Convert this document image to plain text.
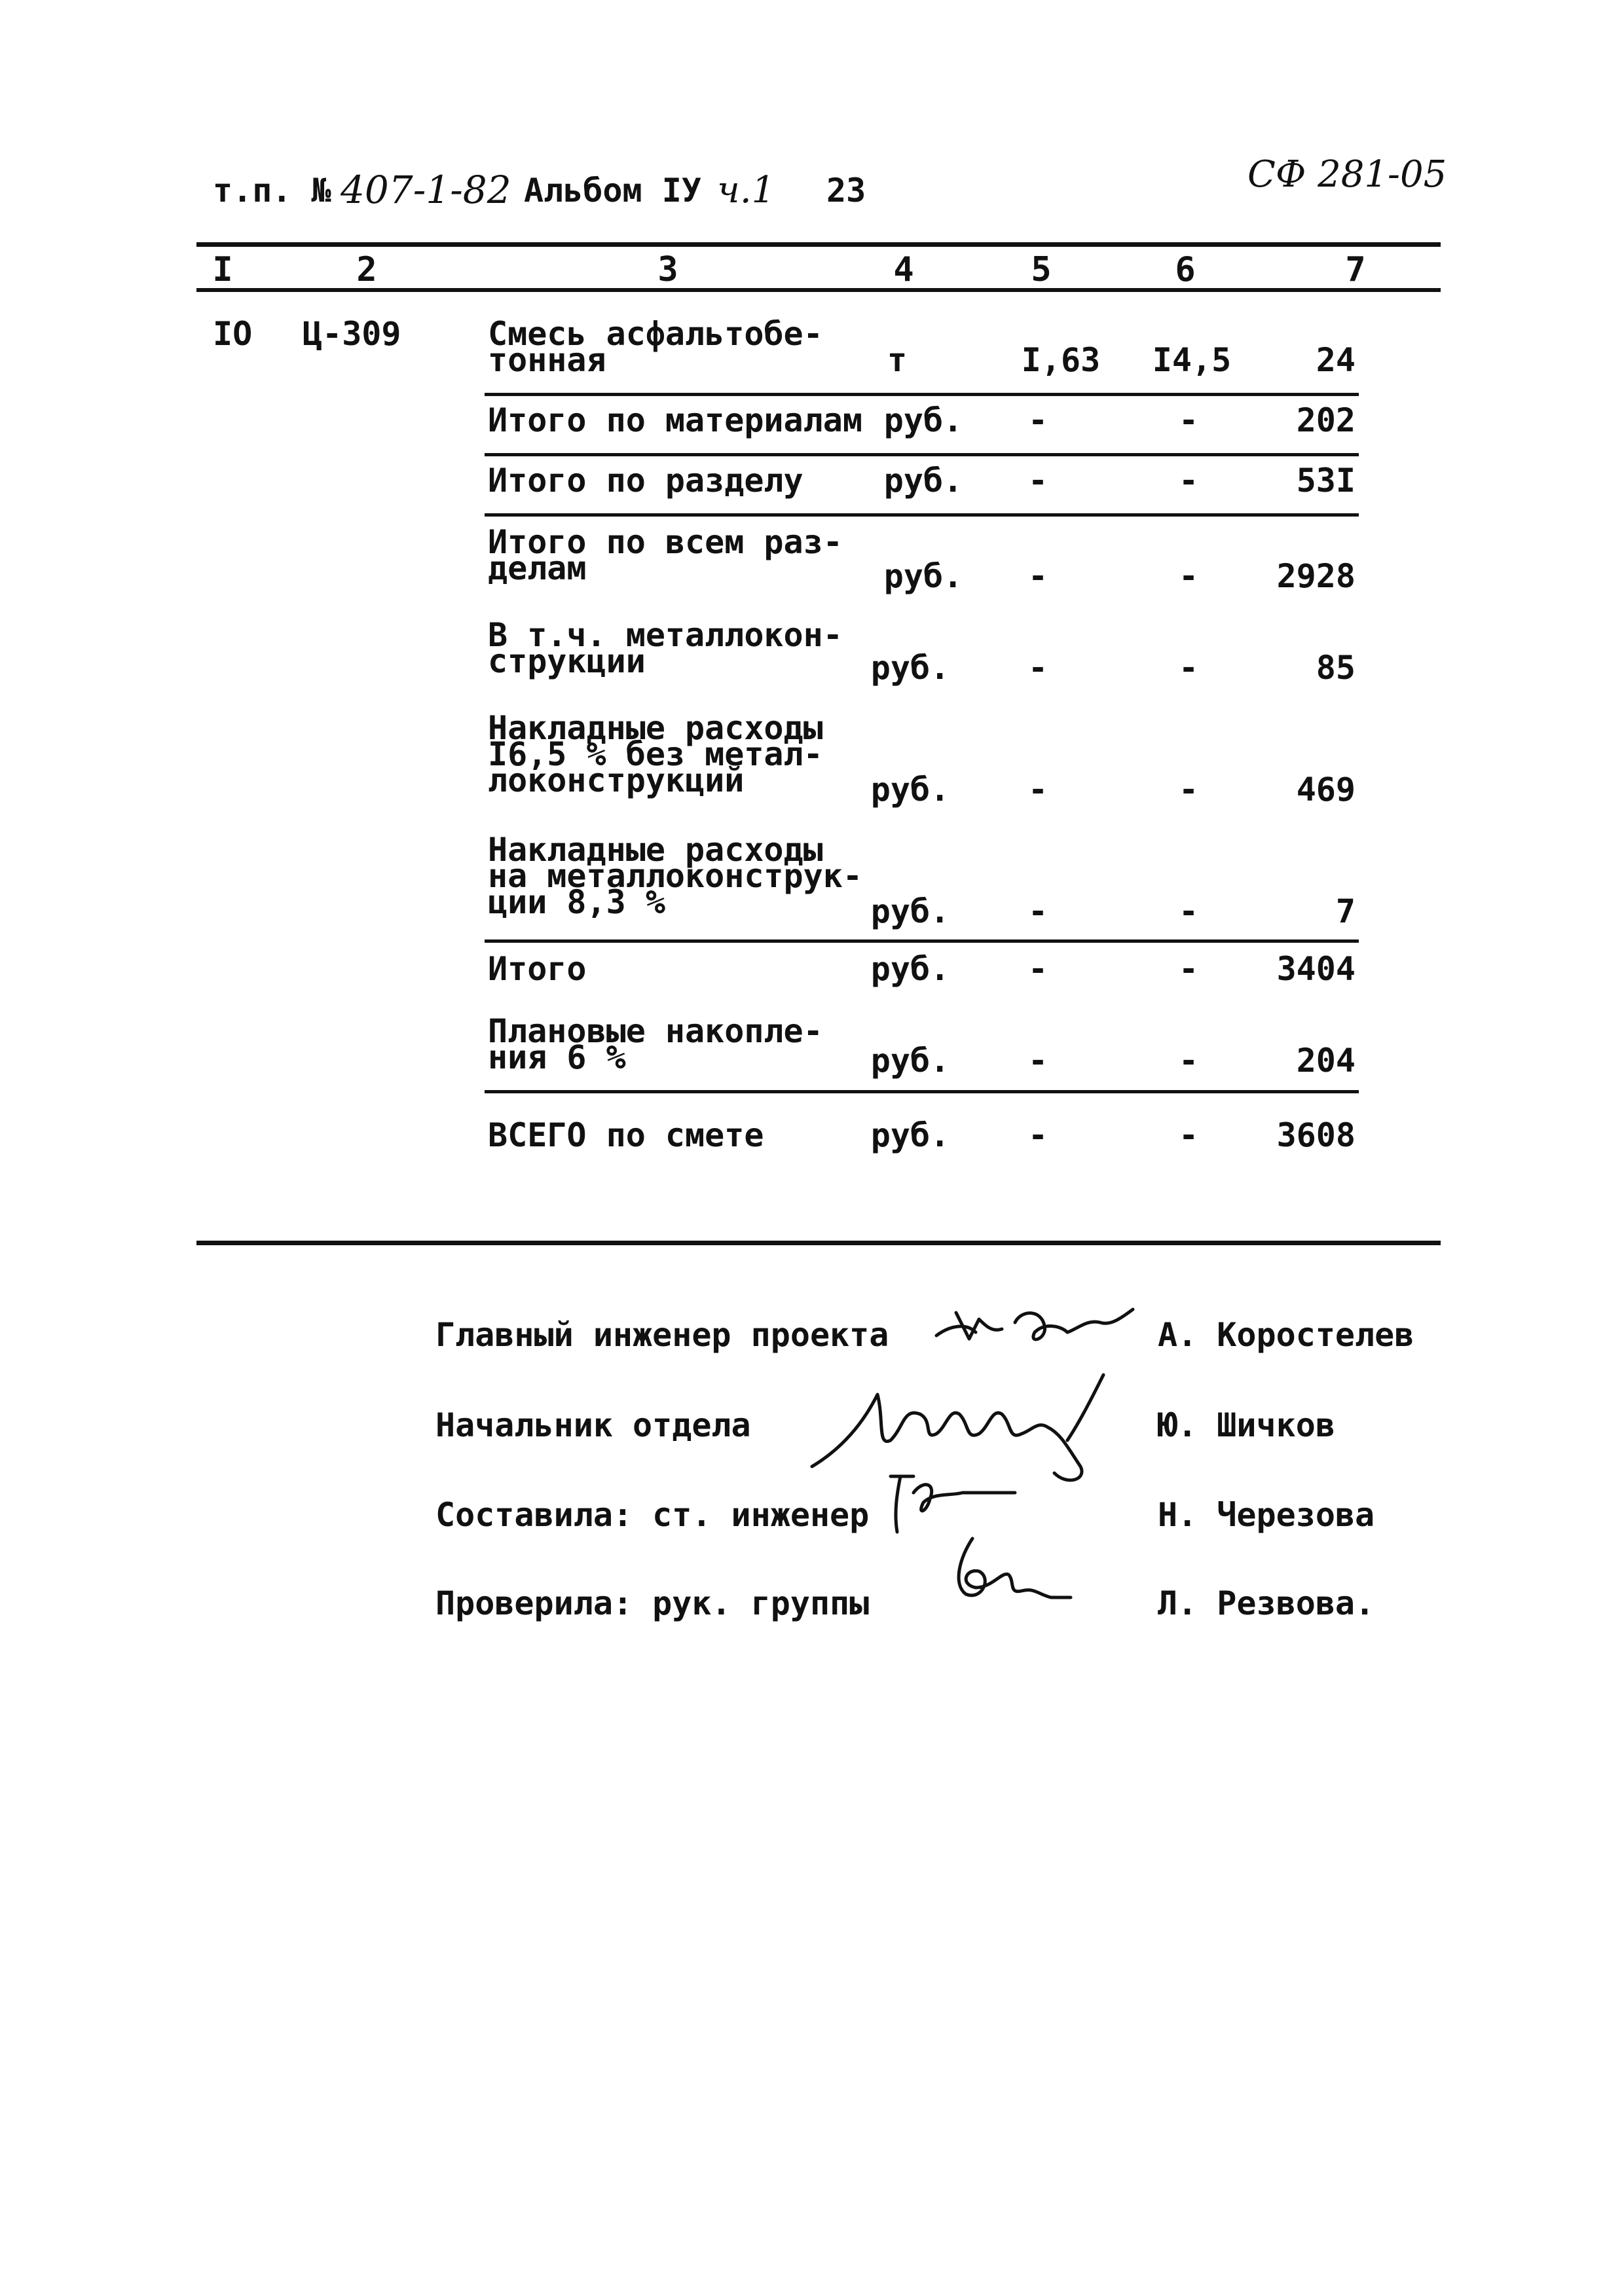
т.п. № 407-1-82 Альбом IУ ч.1 23	СФ 281-05
I	2	3	4	5	6	7
IO Ц-309	Смесь асфальтобе-
тонная	т	I,63	I4,5	24
Итого по материалам руб.	-	-	202
Итого по разделу руб.	-	-	53I
Итого по всем раз-
делам	руб.	-	-	2928
В т.ч. металлокон-
струкции	руб.	-	-	85
Накладные расходы
I6,5 % без метал-
локонструкций	руб.	-	-	469
Накладные расходы
на металлоконструк-
ции 8,3 %	руб.	-	-	7
Итого	руб.	-	-	3404
Плановые накопле-
ния 6 %	руб.	-	-	204
ВСЕГО по смете	руб.	-	-	3608
Главный инженер проекта	А. Коростелев
Начальник отдела	Ю. Шичков
Составила: ст. инженер	Н. Черезова
Проверила: рук. группы	Л. Резвова.
